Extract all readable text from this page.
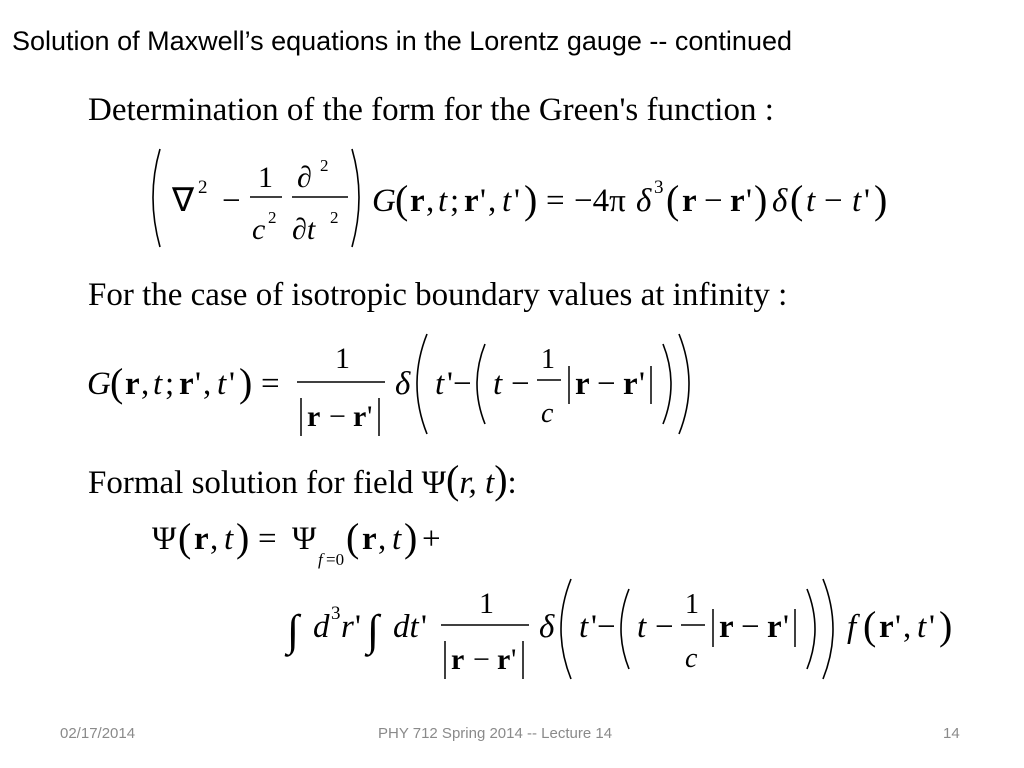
Solution of Maxwell’s equations in the Lorentz gauge -- continued
Determination of the form for the Green's function :
∇ 2 −
1
c 2
∂ 2
∂t 2 G ( r , t ; r ' , t ' ) = −4π δ 3 ( r − r ' ) δ ( t − t ' )
For the case of isotropic boundary values at infinity :
G ( r , t ; r ' , t ' ) =
1
r − r '
δ t '− t −
1
c
r − r '
Formal solution for field Ψ(r, t):
Ψ ( r , t ) = Ψ
f =0 ( r , t ) +
∫ d 3 r ' ∫ dt '
1
r − r '
δ t '− t −
1
c
r − r ' f ( r ' , t ' )
02/17/2014	PHY 712 Spring 2014 -- Lecture 14	14
